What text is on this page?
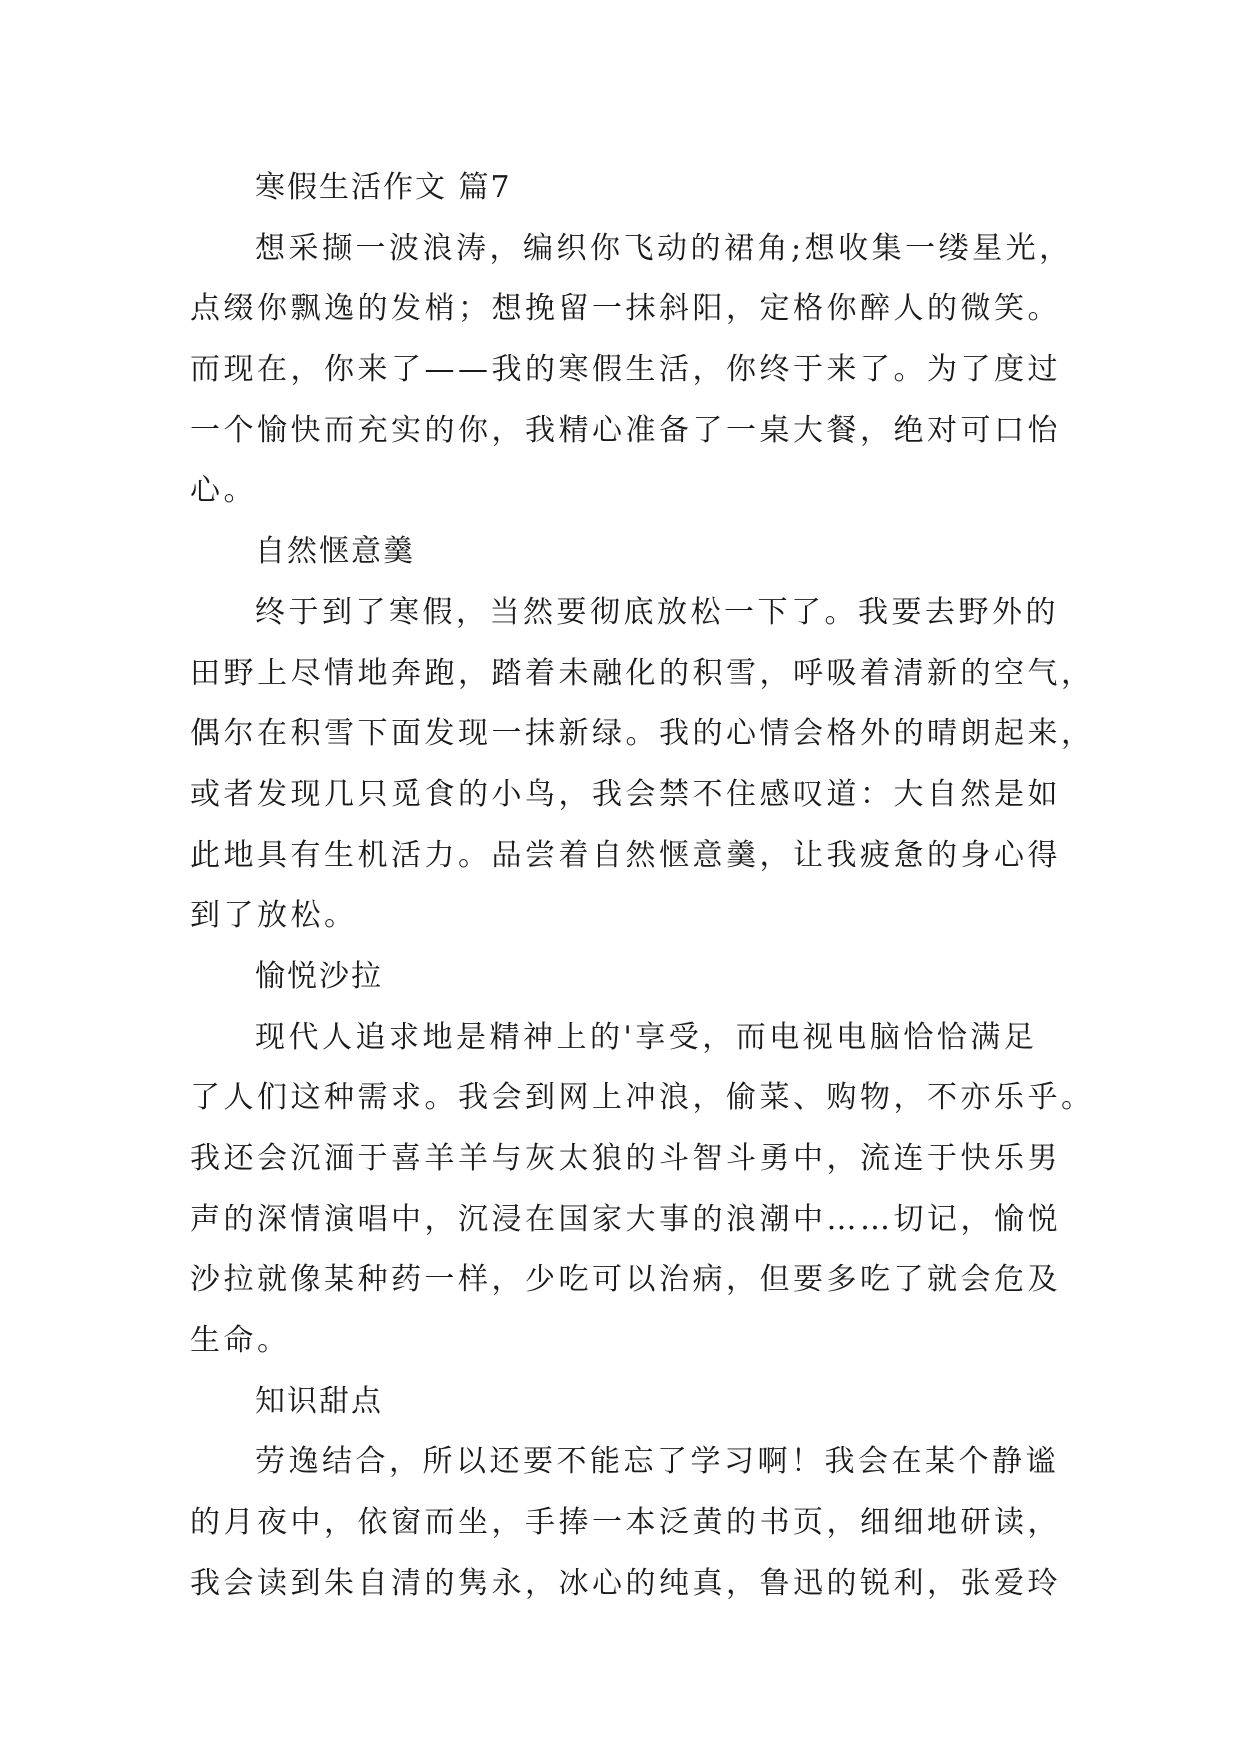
寒假生活作文 篇7
想采撷一波浪涛，编织你飞动的裙角;想收集一缕星光，
点缀你飘逸的发梢；想挽留一抹斜阳，定格你醉人的微笑。
而现在，你来了——我的寒假生活，你终于来了。为了度过
一个愉快而充实的你，我精心准备了一桌大餐，绝对可口怡
心。
自然惬意羹
终于到了寒假，当然要彻底放松一下了。我要去野外的
田野上尽情地奔跑，踏着未融化的积雪，呼吸着清新的空气，
偶尔在积雪下面发现一抹新绿。我的心情会格外的晴朗起来，
或者发现几只觅食的小鸟，我会禁不住感叹道：大自然是如
此地具有生机活力。品尝着自然惬意羹，让我疲惫的身心得
到了放松。
愉悦沙拉
现代人追求地是精神上的'享受，而电视电脑恰恰满足
了人们这种需求。我会到网上冲浪，偷菜、购物，不亦乐乎。
我还会沉湎于喜羊羊与灰太狼的斗智斗勇中，流连于快乐男
声的深情演唱中，沉浸在国家大事的浪潮中……切记，愉悦
沙拉就像某种药一样，少吃可以治病，但要多吃了就会危及
生命。
知识甜点
劳逸结合，所以还要不能忘了学习啊！我会在某个静谧
的月夜中，依窗而坐，手捧一本泛黄的书页，细细地研读，
我会读到朱自清的隽永，冰心的纯真，鲁迅的锐利，张爱玲
